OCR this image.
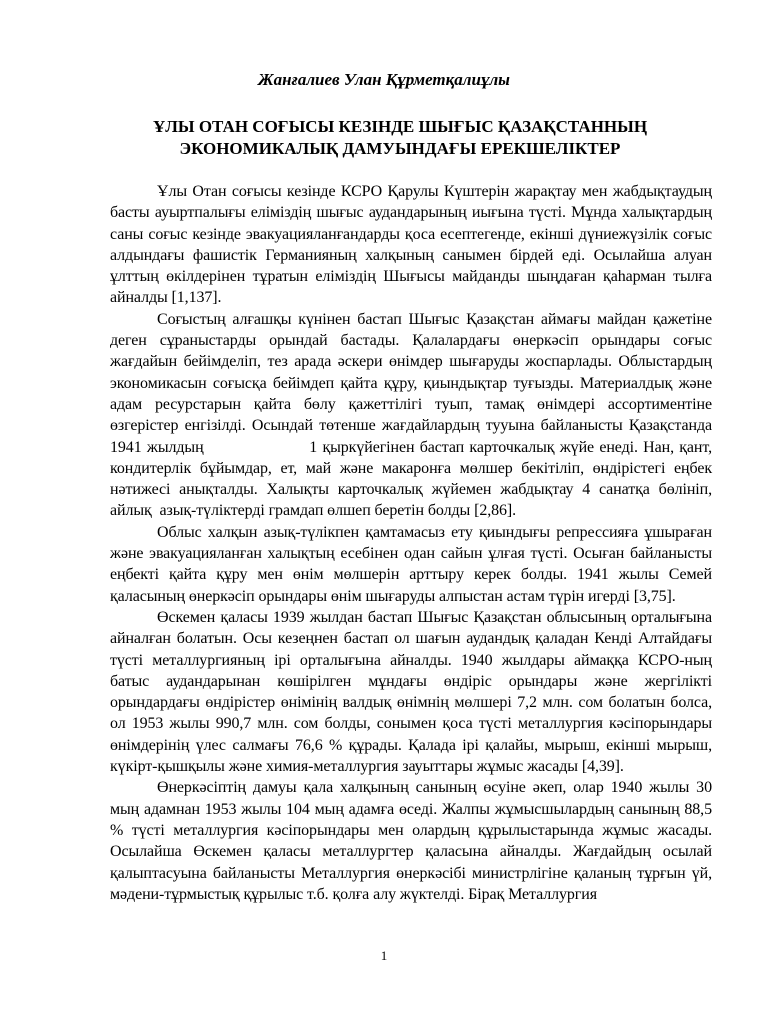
Жанғалиев Улан Құрметқалиұлы
ҰЛЫ ОТАН СОҒЫСЫ КЕЗІНДЕ ШЫҒЫС ҚАЗАҚСТАННЫҢ
ЭКОНОМИКАЛЫҚ ДАМУЫНДАҒЫ ЕРЕКШЕЛІКТЕР

Ұлы Отан соғысы кезінде КСРО Қарулы Күштерін жарақтау мен жабдықтаудың басты ауыртпалығы еліміздің шығыс аудандарының иығына түсті. Мұнда халықтардың саны соғыс кезінде эвакуацияланғандарды қоса есептегенде, екінші дүниежүзілік соғыс алдындағы фашистік Германияның халқының санымен бірдей еді. Осылайша алуан ұлттың өкілдерінен тұратын еліміздің Шығысы майданды шыңдаған қаһарман тылға айналды [1,137].

Соғыстың алғашқы күнінен бастап Шығыс Қазақстан аймағы майдан қажетіне деген сұраныстарды орындай бастады. Қалалардағы өнеркәсіп орындары соғыс жағдайын бейімделіп, тез арада әскери өнімдер шығаруды жоспарлады. Облыстардың экономикасын соғысқа бейімдеп қайта құру, қиындықтар туғызды. Материалдық және адам ресурстарын қайта бөлу қажеттілігі туып, тамақ өнімдері ассортиментіне өзгерістер енгізілді. Осындай төтенше жағдайлардың тууына байланысты Қазақстанда 1941 жылдың                    1 қыркүйегінен бастап карточкалық жүйе енеді. Нан, қант, кондитерлік бұйымдар, ет, май және макаронға мөлшер бекітіліп, өндірістегі еңбек нәтижесі анықталды. Халықты карточкалық жүйемен жабдықтау 4 санатқа бөлініп, айлық  азық-түліктерді грамдап өлшеп беретін болды [2,86].

Облыс халқын азық-түлікпен қамтамасыз ету қиындығы репрессияға ұшыраған және эвакуацияланған халықтың есебінен одан сайын ұлғая түсті. Осыған байланысты еңбекті қайта құру мен өнім мөлшерін арттыру керек болды. 1941 жылы Семей қаласының өнеркәсіп орындары өнім шығаруды алпыстан астам түрін игерді [3,75].

Өскемен қаласы 1939 жылдан бастап Шығыс Қазақстан облысының орталығына айналған болатын. Осы кезеңнен бастап ол шағын аудандық қаладан Кенді Алтайдағы түсті металлургияның ірі орталығына айналды. 1940 жылдары аймаққа КСРО-ның батыс аудандарынан көшірілген мұндағы өндіріс орындары және жергілікті орындардағы өндірістер өнімінің валдық өнімнің мөлшері 7,2 млн. сом болатын болса, ол 1953 жылы 990,7 млн. сом болды, сонымен қоса түсті металлургия кәсіпорындары өнімдерінің үлес салмағы 76,6 % құрады. Қалада ірі қалайы, мырыш, екінші мырыш, күкірт-қышқылы және химия-металлургия зауыттары жұмыс жасады [4,39].

Өнеркәсіптің дамуы қала халқының санының өсуіне әкеп, олар 1940 жылы 30 мың адамнан 1953 жылы 104 мың адамға өседі. Жалпы жұмысшылардың санының 88,5 % түсті металлургия кәсіпорындары мен олардың құрылыстарында жұмыс жасады. Осылайша Өскемен қаласы металлургтер қаласына айналды. Жағдайдың осылай қалыптасуына байланысты Металлургия өнеркәсібі министрлігіне қаланың тұрғын үй, мәдени-тұрмыстық құрылыс т.б. қолға алу жүктелді. Бірақ Металлургия

1
